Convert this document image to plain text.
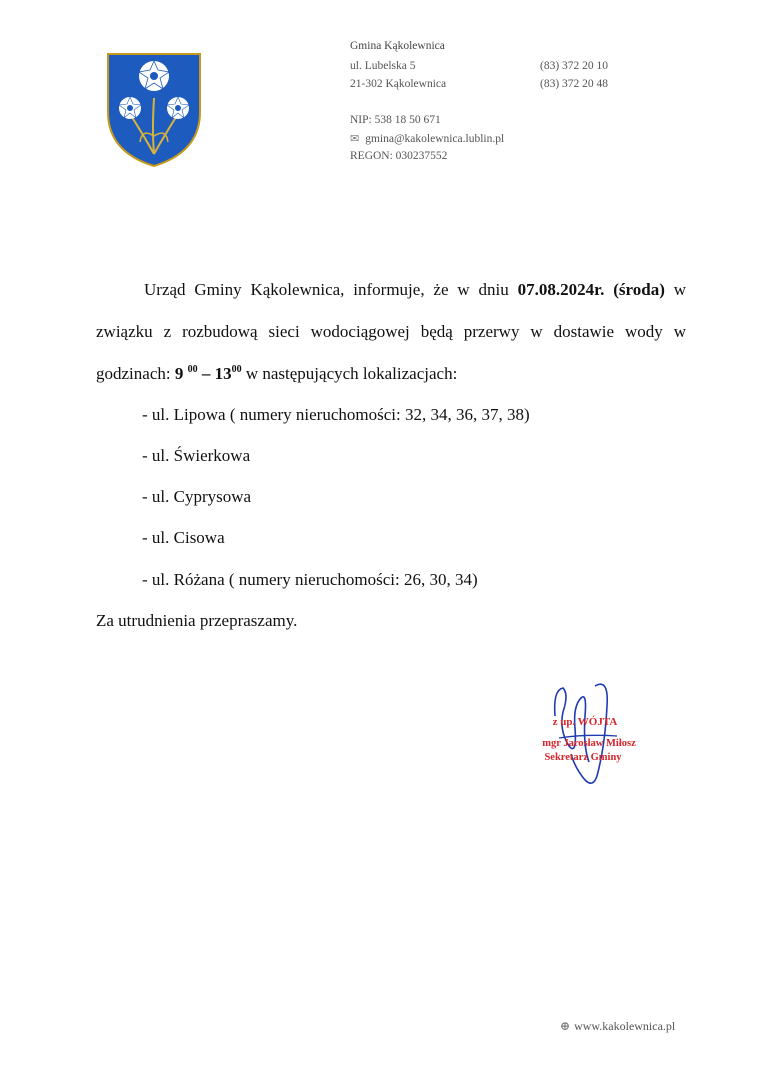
Gmina Kąkolewnica
ul. Lubelska 5	(83) 372 20 10
21-302 Kąkolewnica	(83) 372 20 48
NIP: 538 18 50 671
✉ gmina@kakolewnica.lublin.pl
REGON: 030237552
Urząd Gminy Kąkolewnica, informuje, że w dniu 07.08.2024r. (środa) w
związku z rozbudową sieci wodociągowej będą przerwy w dostawie wody w
godzinach: 9 $^{00} - 13^{00}$ w następujących lokalizacjach:
- ul. Lipowa ( numery nieruchomości: 32, 34, 36, 37, 38)
- ul. Świerkowa
- ul. Cyprysowa
- ul. Cisowa
- ul. Różana ( numery nieruchomości: 26, 30, 34)
Za utrudnienia przepraszamy.
z up. WÓJTA
mgr Jarosław Miłosz
Sekretarz Gminy
⊕ www.kakolewnica.pl
